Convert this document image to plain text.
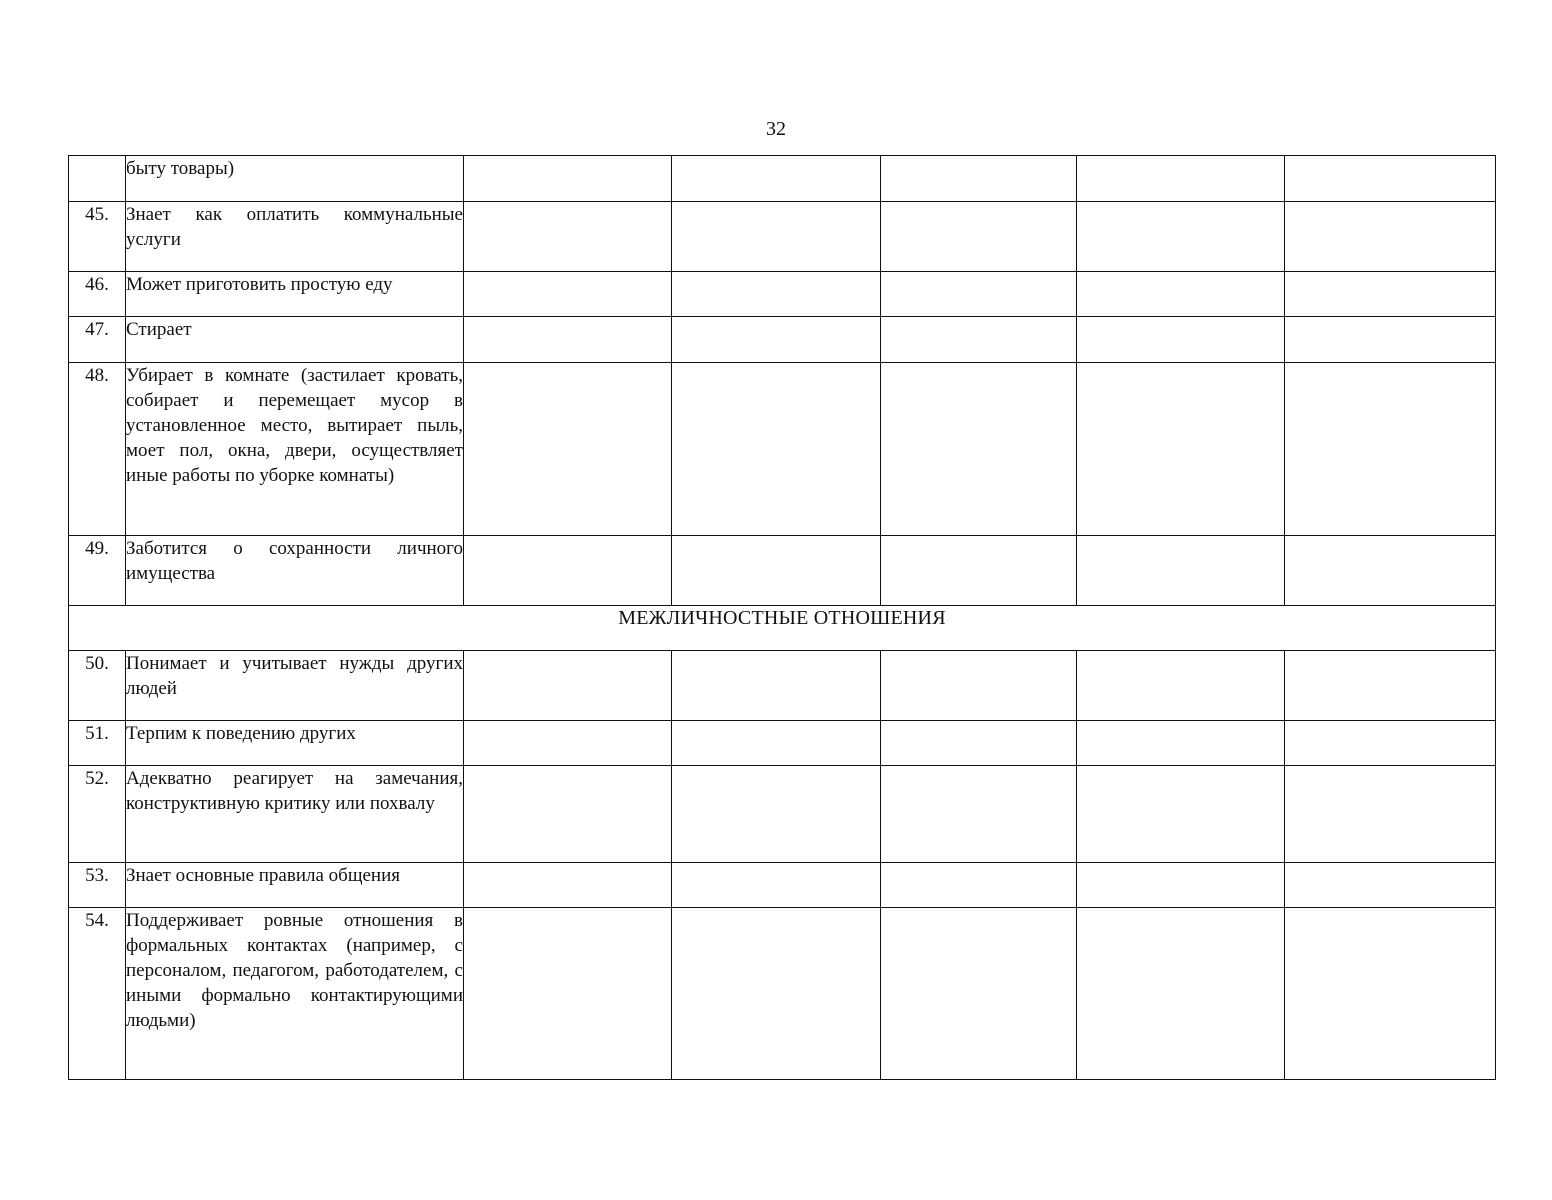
32
	быту товары)					
45.	Знает как оплатить коммунальные услуги					
46.	Может приготовить простую еду					
47.	Стирает					
48.	Убирает в комнате (застилает кровать, собирает и перемещает мусор в установленное место, вытирает пыль, моет пол, окна, двери, осуществляет иные работы по уборке комнаты)					
49.	Заботится о сохранности личного имущества					
МЕЖЛИЧНОСТНЫЕ ОТНОШЕНИЯ						
50.	Понимает и учитывает нужды других людей					
51.	Терпим к поведению других					
52.	Адекватно реагирует на замечания, конструктивную критику или похвалу					
53.	Знает основные правила общения					
54.	Поддерживает ровные отношения в формальных контактах (например, с персоналом, педагогом, работодателем, с иными формально контактирующими людьми)					
